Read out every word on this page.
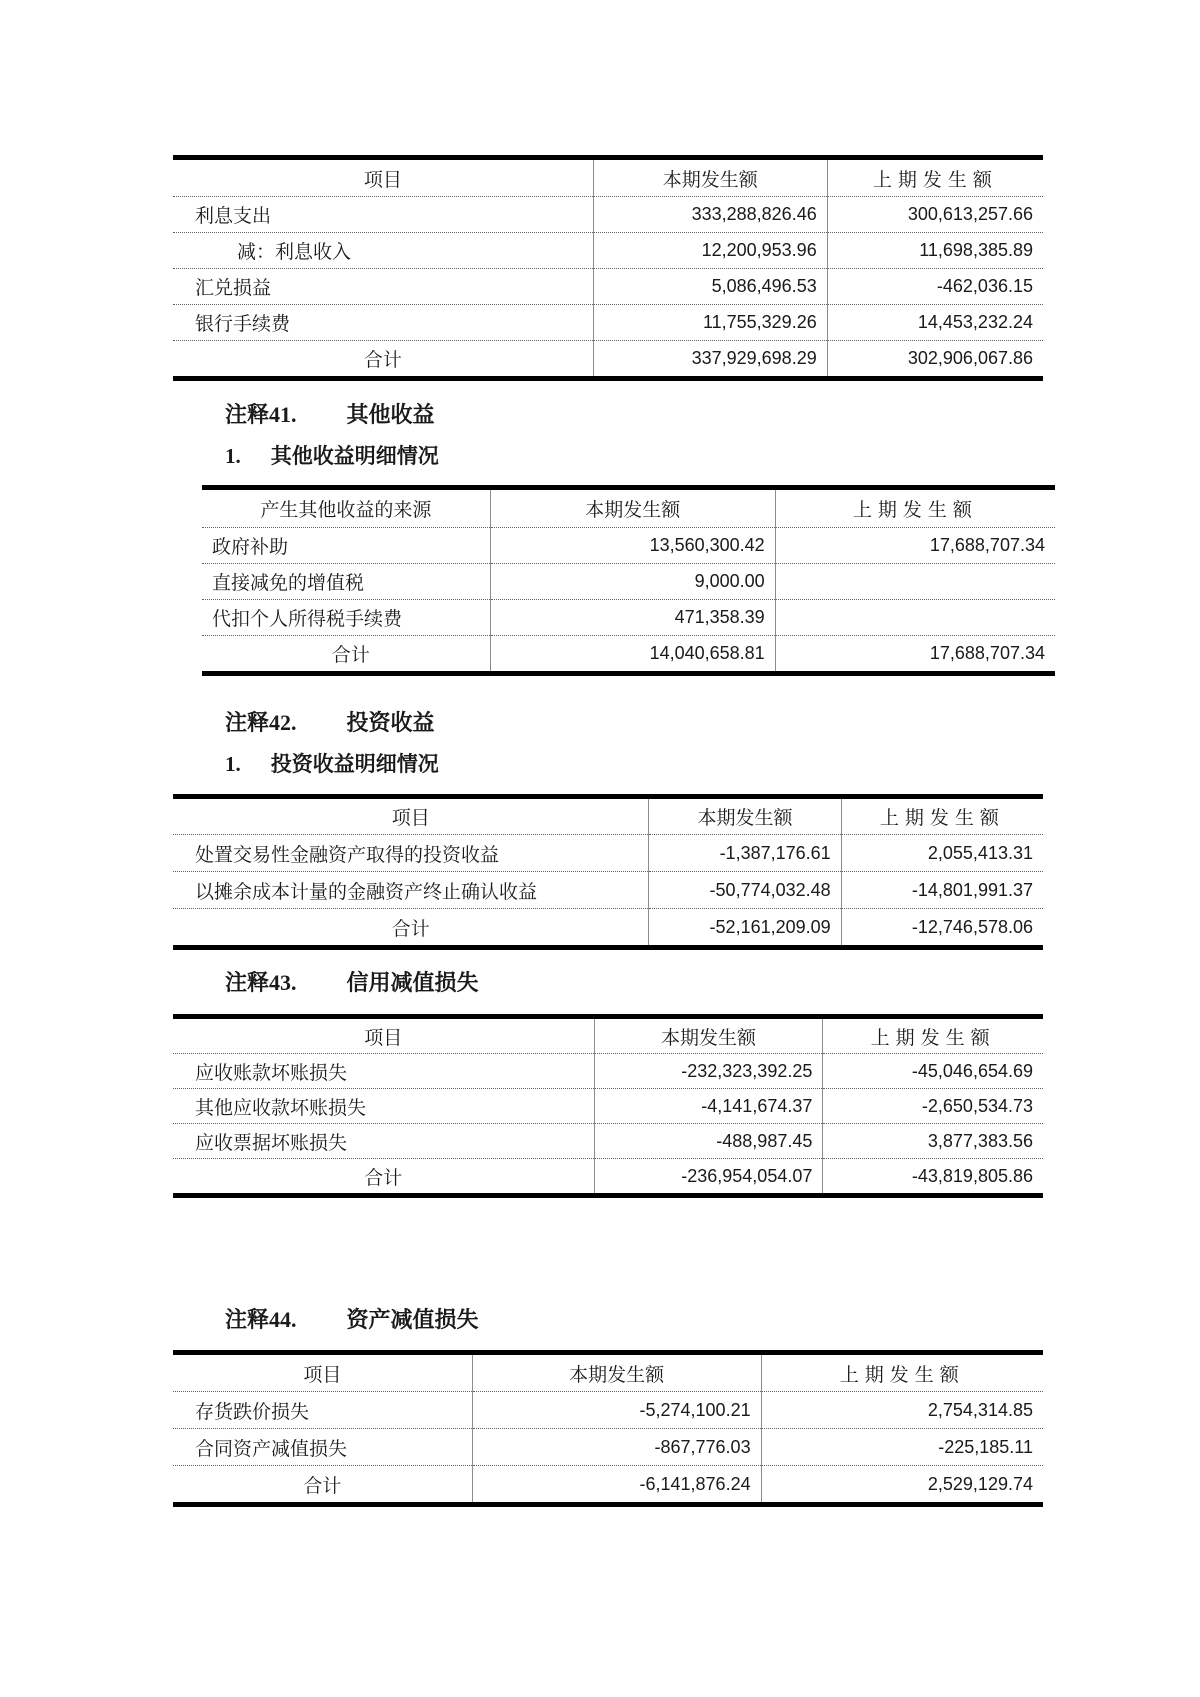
项目	本期发生额	上期发生额
利息支出	333,288,826.46	300,613,257.66
减：利息收入	12,200,953.96	11,698,385.89
汇兑损益	5,086,496.53	-462,036.15
银行手续费	11,755,329.26	14,453,232.24
合计	337,929,698.29	302,906,067.86
注释41. 其他收益
1. 其他收益明细情况
产生其他收益的来源	本期发生额	上期发生额
政府补助	13,560,300.42	17,688,707.34
直接减免的增值税	9,000.00	
代扣个人所得税手续费	471,358.39	
合计	14,040,658.81	17,688,707.34
注释42. 投资收益
1. 投资收益明细情况
项目	本期发生额	上期发生额
处置交易性金融资产取得的投资收益	-1,387,176.61	2,055,413.31
以摊余成本计量的金融资产终止确认收益	-50,774,032.48	-14,801,991.37
合计	-52,161,209.09	-12,746,578.06
注释43. 信用减值损失
项目	本期发生额	上期发生额
应收账款坏账损失	-232,323,392.25	-45,046,654.69
其他应收款坏账损失	-4,141,674.37	-2,650,534.73
应收票据坏账损失	-488,987.45	3,877,383.56
合计	-236,954,054.07	-43,819,805.86
注释44. 资产减值损失
项目	本期发生额	上期发生额
存货跌价损失	-5,274,100.21	2,754,314.85
合同资产减值损失	-867,776.03	-225,185.11
合计	-6,141,876.24	2,529,129.74
